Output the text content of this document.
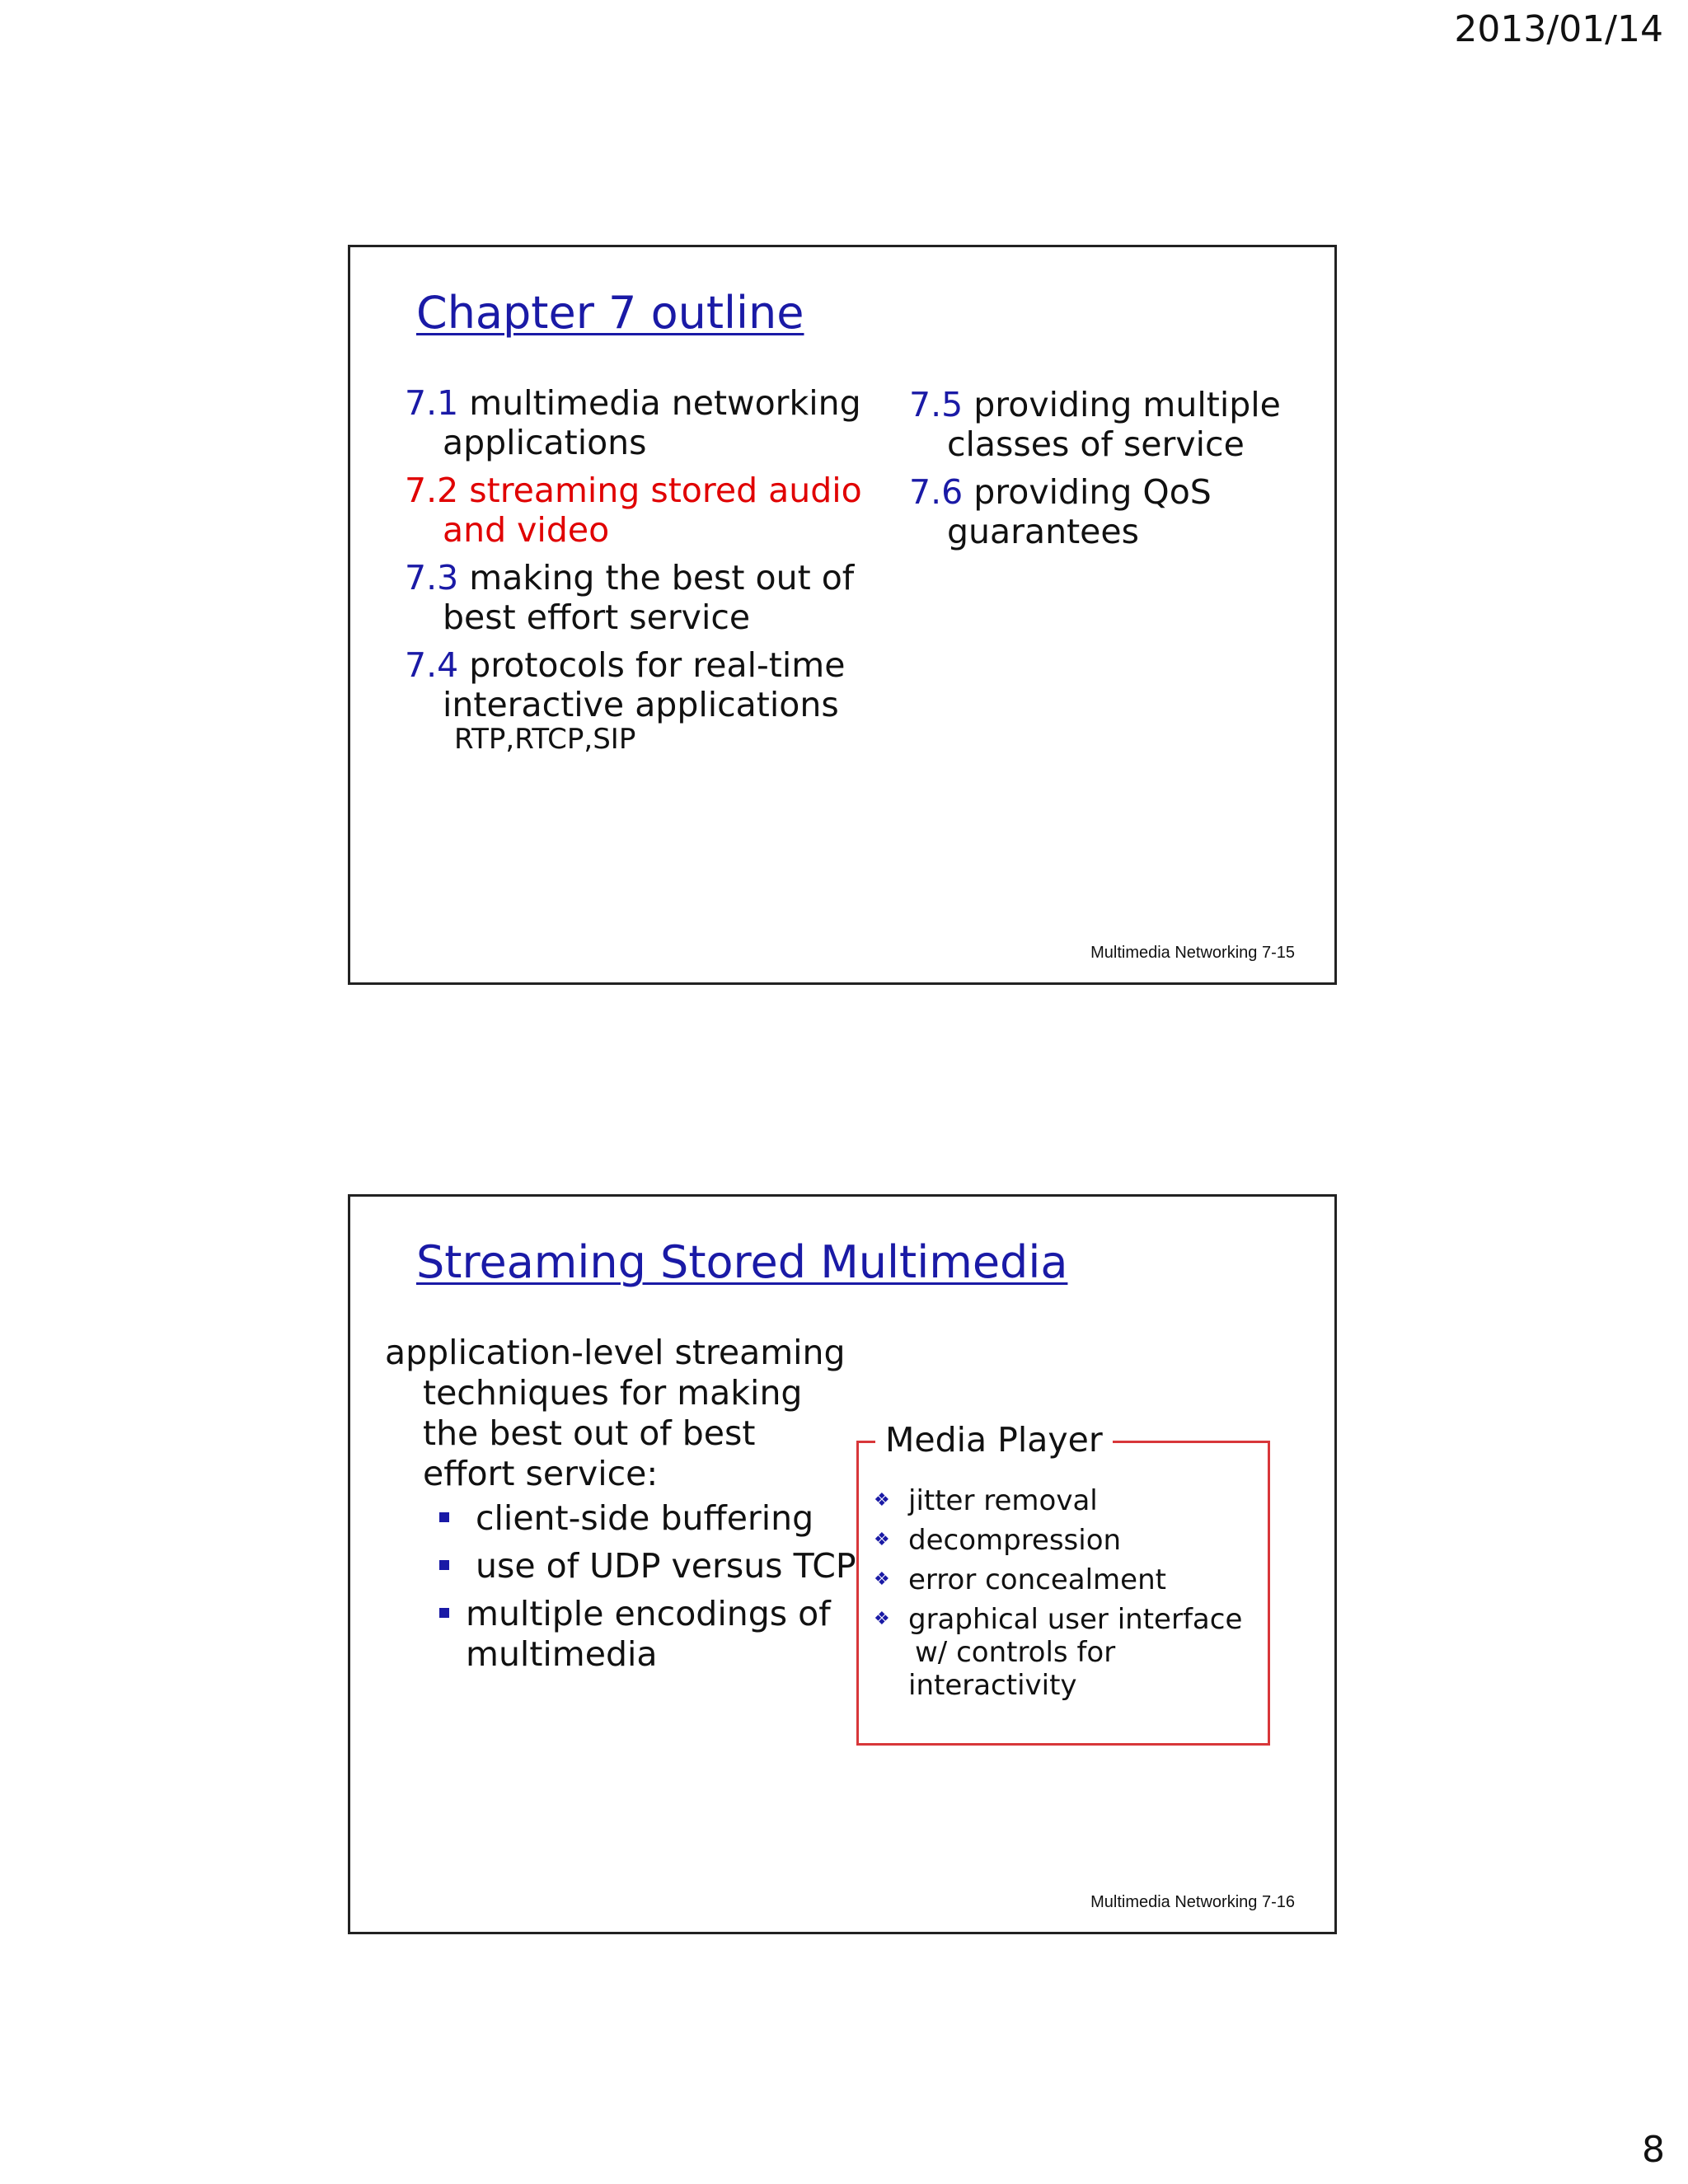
2013/01/14
Chapter 7 outline
7.1 multimedia networking applications
7.2 streaming stored audio and video
7.3 making the best out of best effort service
7.4 protocols for real-time interactive applications
RTP,RTCP,SIP
7.5 providing multiple classes of service
7.6 providing QoS guarantees
Multimedia Networking 7-15
Streaming Stored Multimedia
application-level streaming techniques for making the best out of best effort service:
client-side buffering
use of UDP versus TCP
multiple encodings of multimedia
Media Player
❖ jitter removal
❖ decompression
❖ error concealment
❖ graphical user interface
w/ controls for
interactivity
Multimedia Networking 7-16
8
